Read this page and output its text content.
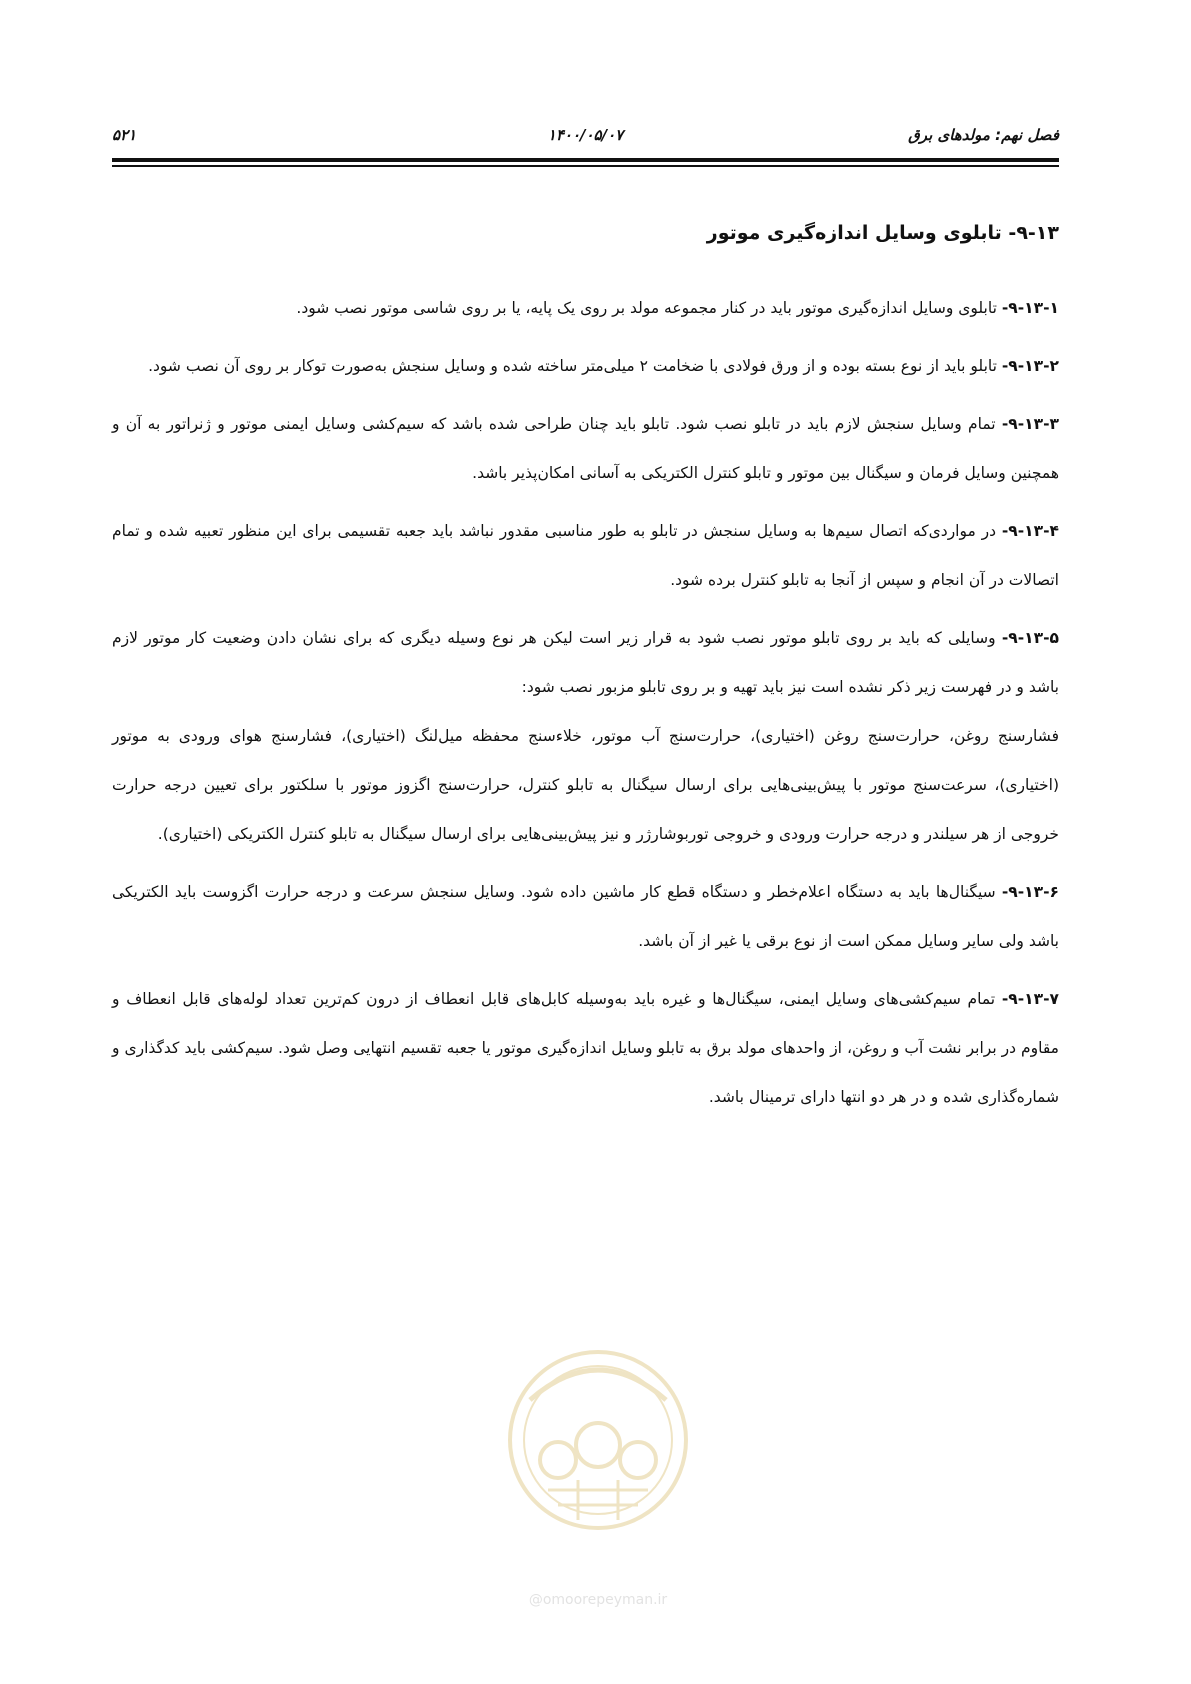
فصل نهم: مولدهای برق
۱۴۰۰/۰۵/۰۷
۵۲۱
۹-۱۳- تابلوی وسایل اندازه‌گیری موتور

۹-۱۳-۱- تابلوی وسایل اندازه‌گیری موتور باید در کنار مجموعه مولد بر روی یک پایه، یا بر روی شاسی موتور نصب شود.

۹-۱۳-۲- تابلو باید از نوع بسته بوده و از ورق فولادی با ضخامت ۲ میلی‌متر ساخته شده و وسایل سنجش به‌صورت توکار بر روی آن نصب شود.

۹-۱۳-۳- تمام وسایل سنجش لازم باید در تابلو نصب شود. تابلو باید چنان طراحی شده باشد که سیم‌کشی وسایل ایمنی موتور و ژنراتور به آن و همچنین وسایل فرمان و سیگنال بین موتور و تابلو کنترل الکتریکی به آسانی امکان‌پذیر باشد.

۹-۱۳-۴- در مواردی‌که اتصال سیم‌ها به وسایل سنجش در تابلو به طور مناسبی مقدور نباشد باید جعبه تقسیمی برای این منظور تعبیه شده و تمام اتصالات در آن انجام و سپس از آنجا به تابلو کنترل برده شود.

۹-۱۳-۵- وسایلی که باید بر روی تابلو موتور نصب شود به قرار زیر است لیکن هر نوع وسیله دیگری که برای نشان دادن وضعیت کار موتور لازم باشد و در فهرست زیر ذکر نشده است نیز باید تهیه و بر روی تابلو مزبور نصب شود:

فشارسنج روغن، حرارت‌سنج روغن (اختیاری)، حرارت‌سنج آب موتور، خلاءسنج محفظه میل‌لنگ (اختیاری)، فشارسنج هوای ورودی به موتور (اختیاری)، سرعت‌سنج موتور با پیش‌بینی‌هایی برای ارسال سیگنال به تابلو کنترل، حرارت‌سنج اگزوز موتور با سلکتور برای تعیین درجه حرارت خروجی از هر سیلندر و درجه حرارت ورودی و خروجی توربوشارژر و نیز پیش‌بینی‌هایی برای ارسال سیگنال به تابلو کنترل الکتریکی (اختیاری).

۹-۱۳-۶- سیگنال‌ها باید به دستگاه اعلام‌خطر و دستگاه قطع کار ماشین داده شود. وسایل سنجش سرعت و درجه حرارت اگزوست باید الکتریکی باشد ولی سایر وسایل ممکن است از نوع برقی یا غیر از آن باشد.

۹-۱۳-۷- تمام سیم‌کشی‌های وسایل ایمنی، سیگنال‌ها و غیره باید به‌وسیله کابل‌های قابل انعطاف از درون کم‌ترین تعداد لوله‌های قابل انعطاف و مقاوم در برابر نشت آب و روغن، از واحدهای مولد برق به تابلو وسایل اندازه‌گیری موتور یا جعبه تقسیم انتهایی وصل شود. سیم‌کشی باید کدگذاری و شماره‌گذاری شده و در هر دو انتها دارای ترمینال باشد.

@omoorepeyman.ir
